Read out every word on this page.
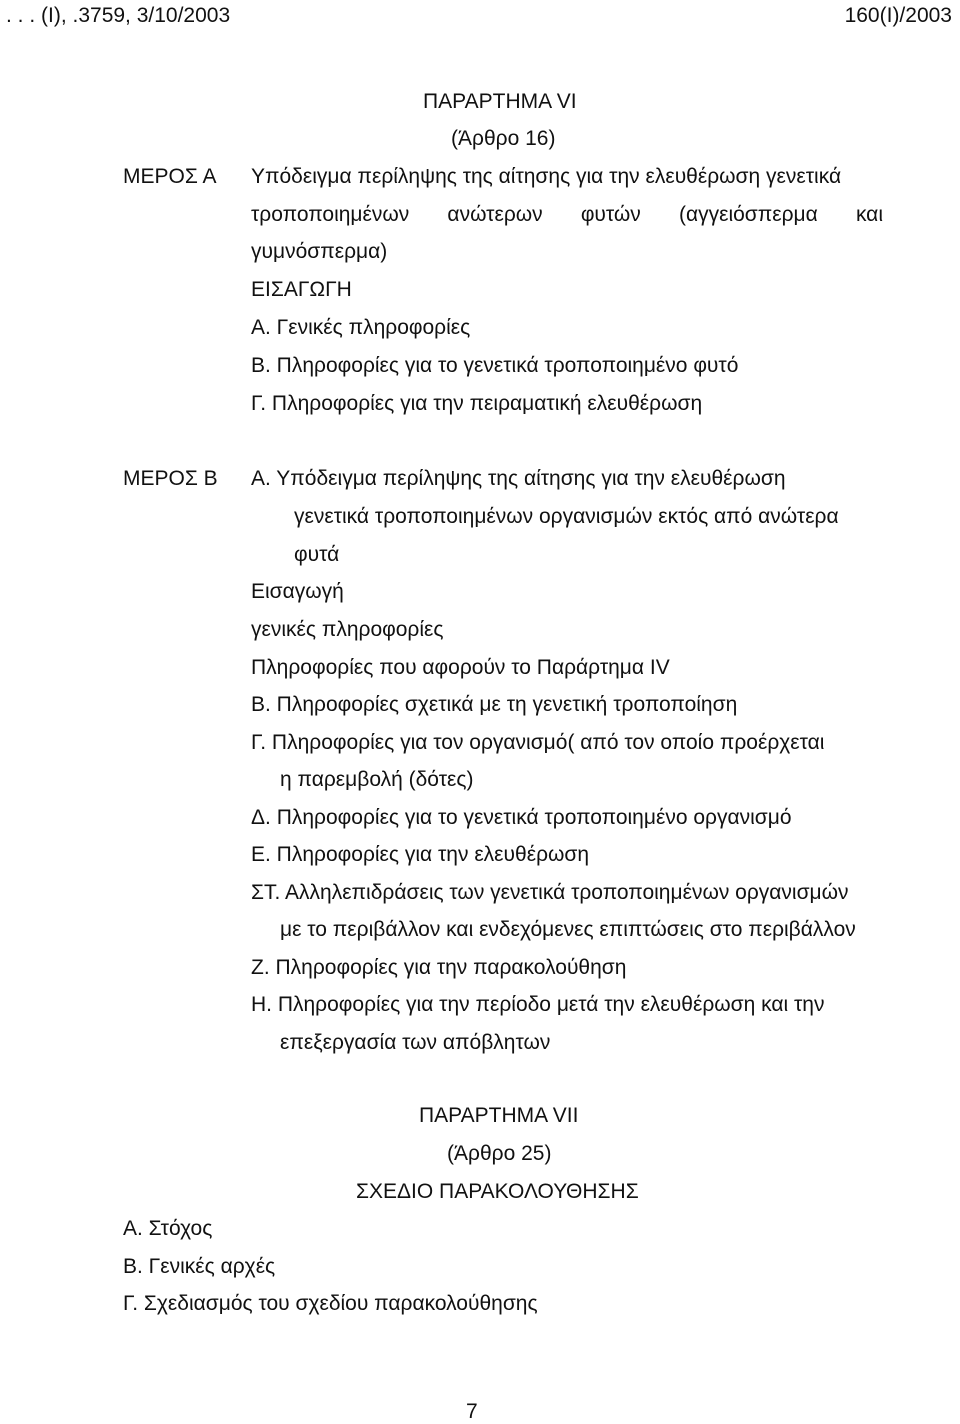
. . . (Ι), .3759, 3/10/2003	160(Ι)/2003
ΠΑΡΑΡΤΗΜΑ VI
(Άρθρο 16)
ΜΕΡΟΣ Α Υπόδειγμα περίληψης της αίτησης για την ελευθέρωση γενετικά
τροποποιημένων ανώτερων φυτών (αγγειόσπερμα και
γυμνόσπερμα)
ΕΙΣΑΓΩΓΗ
Α. Γενικές πληροφορίες
Β. Πληροφορίες για το γενετικά τροποποιημένο φυτό
Γ. Πληροφορίες για την πειραματική ελευθέρωση
ΜΕΡΟΣ Β Α. Υπόδειγμα περίληψης της αίτησης για την ελευθέρωση
γενετικά τροποποιημένων οργανισμών εκτός από ανώτερα
φυτά
Εισαγωγή
γενικές πληροφορίες
Πληροφορίες που αφορούν το Παράρτημα IV
Β. Πληροφορίες σχετικά με τη γενετική τροποποίηση
Γ. Πληροφορίες για τον οργανισμό( από τον οποίο προέρχεται
η παρεμβολή (δότες)
Δ. Πληροφορίες για το γενετικά τροποποιημένο οργανισμό
Ε. Πληροφορίες για την ελευθέρωση
ΣΤ. Αλληλεπιδράσεις των γενετικά τροποποιημένων οργανισμών
με το περιβάλλον και ενδεχόμενες επιπτώσεις στο περιβάλλον
Ζ. Πληροφορίες για την παρακολούθηση
Η. Πληροφορίες για την περίοδο μετά την ελευθέρωση και την
επεξεργασία των απόβλητων
ΠΑΡΑΡΤΗΜΑ VII
(Άρθρο 25)
ΣΧΕΔΙΟ ΠΑΡΑΚΟΛΟΥΘΗΣΗΣ
Α. Στόχος
Β. Γενικές αρχές
Γ. Σχεδιασμός του σχεδίου παρακολούθησης
7
